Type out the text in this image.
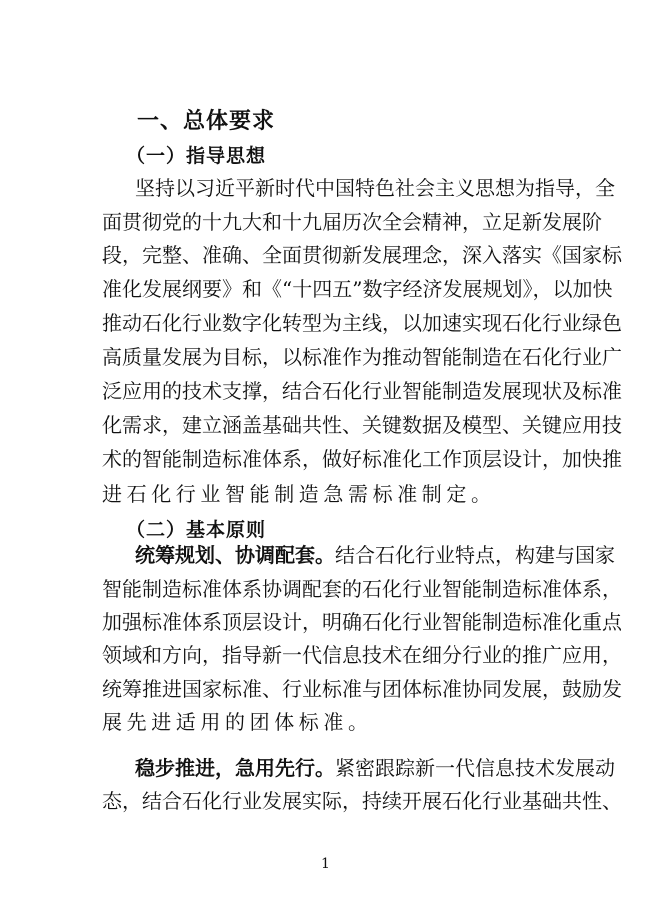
一、总体要求
（一）指导思想
坚持以习近平新时代中国特色社会主义思想为指导，全
面贯彻党的十九大和十九届历次全会精神，立足新发展阶
段，完整、准确、全面贯彻新发展理念，深入落实《国家标
准化发展纲要》和《“十四五”数字经济发展规划》，以加快
推动石化行业数字化转型为主线，以加速实现石化行业绿色
高质量发展为目标，以标准作为推动智能制造在石化行业广
泛应用的技术支撑，结合石化行业智能制造发展现状及标准
化需求，建立涵盖基础共性、关键数据及模型、关键应用技
术的智能制造标准体系，做好标准化工作顶层设计，加快推
进石化行业智能制造急需标准制定。
（二）基本原则
统筹规划、协调配套。结合石化行业特点，构建与国家
智能制造标准体系协调配套的石化行业智能制造标准体系，
加强标准体系顶层设计，明确石化行业智能制造标准化重点
领域和方向，指导新一代信息技术在细分行业的推广应用，
统筹推进国家标准、行业标准与团体标准协同发展，鼓励发
展先进适用的团体标准。
稳步推进，急用先行。紧密跟踪新一代信息技术发展动
态，结合石化行业发展实际，持续开展石化行业基础共性、
1
